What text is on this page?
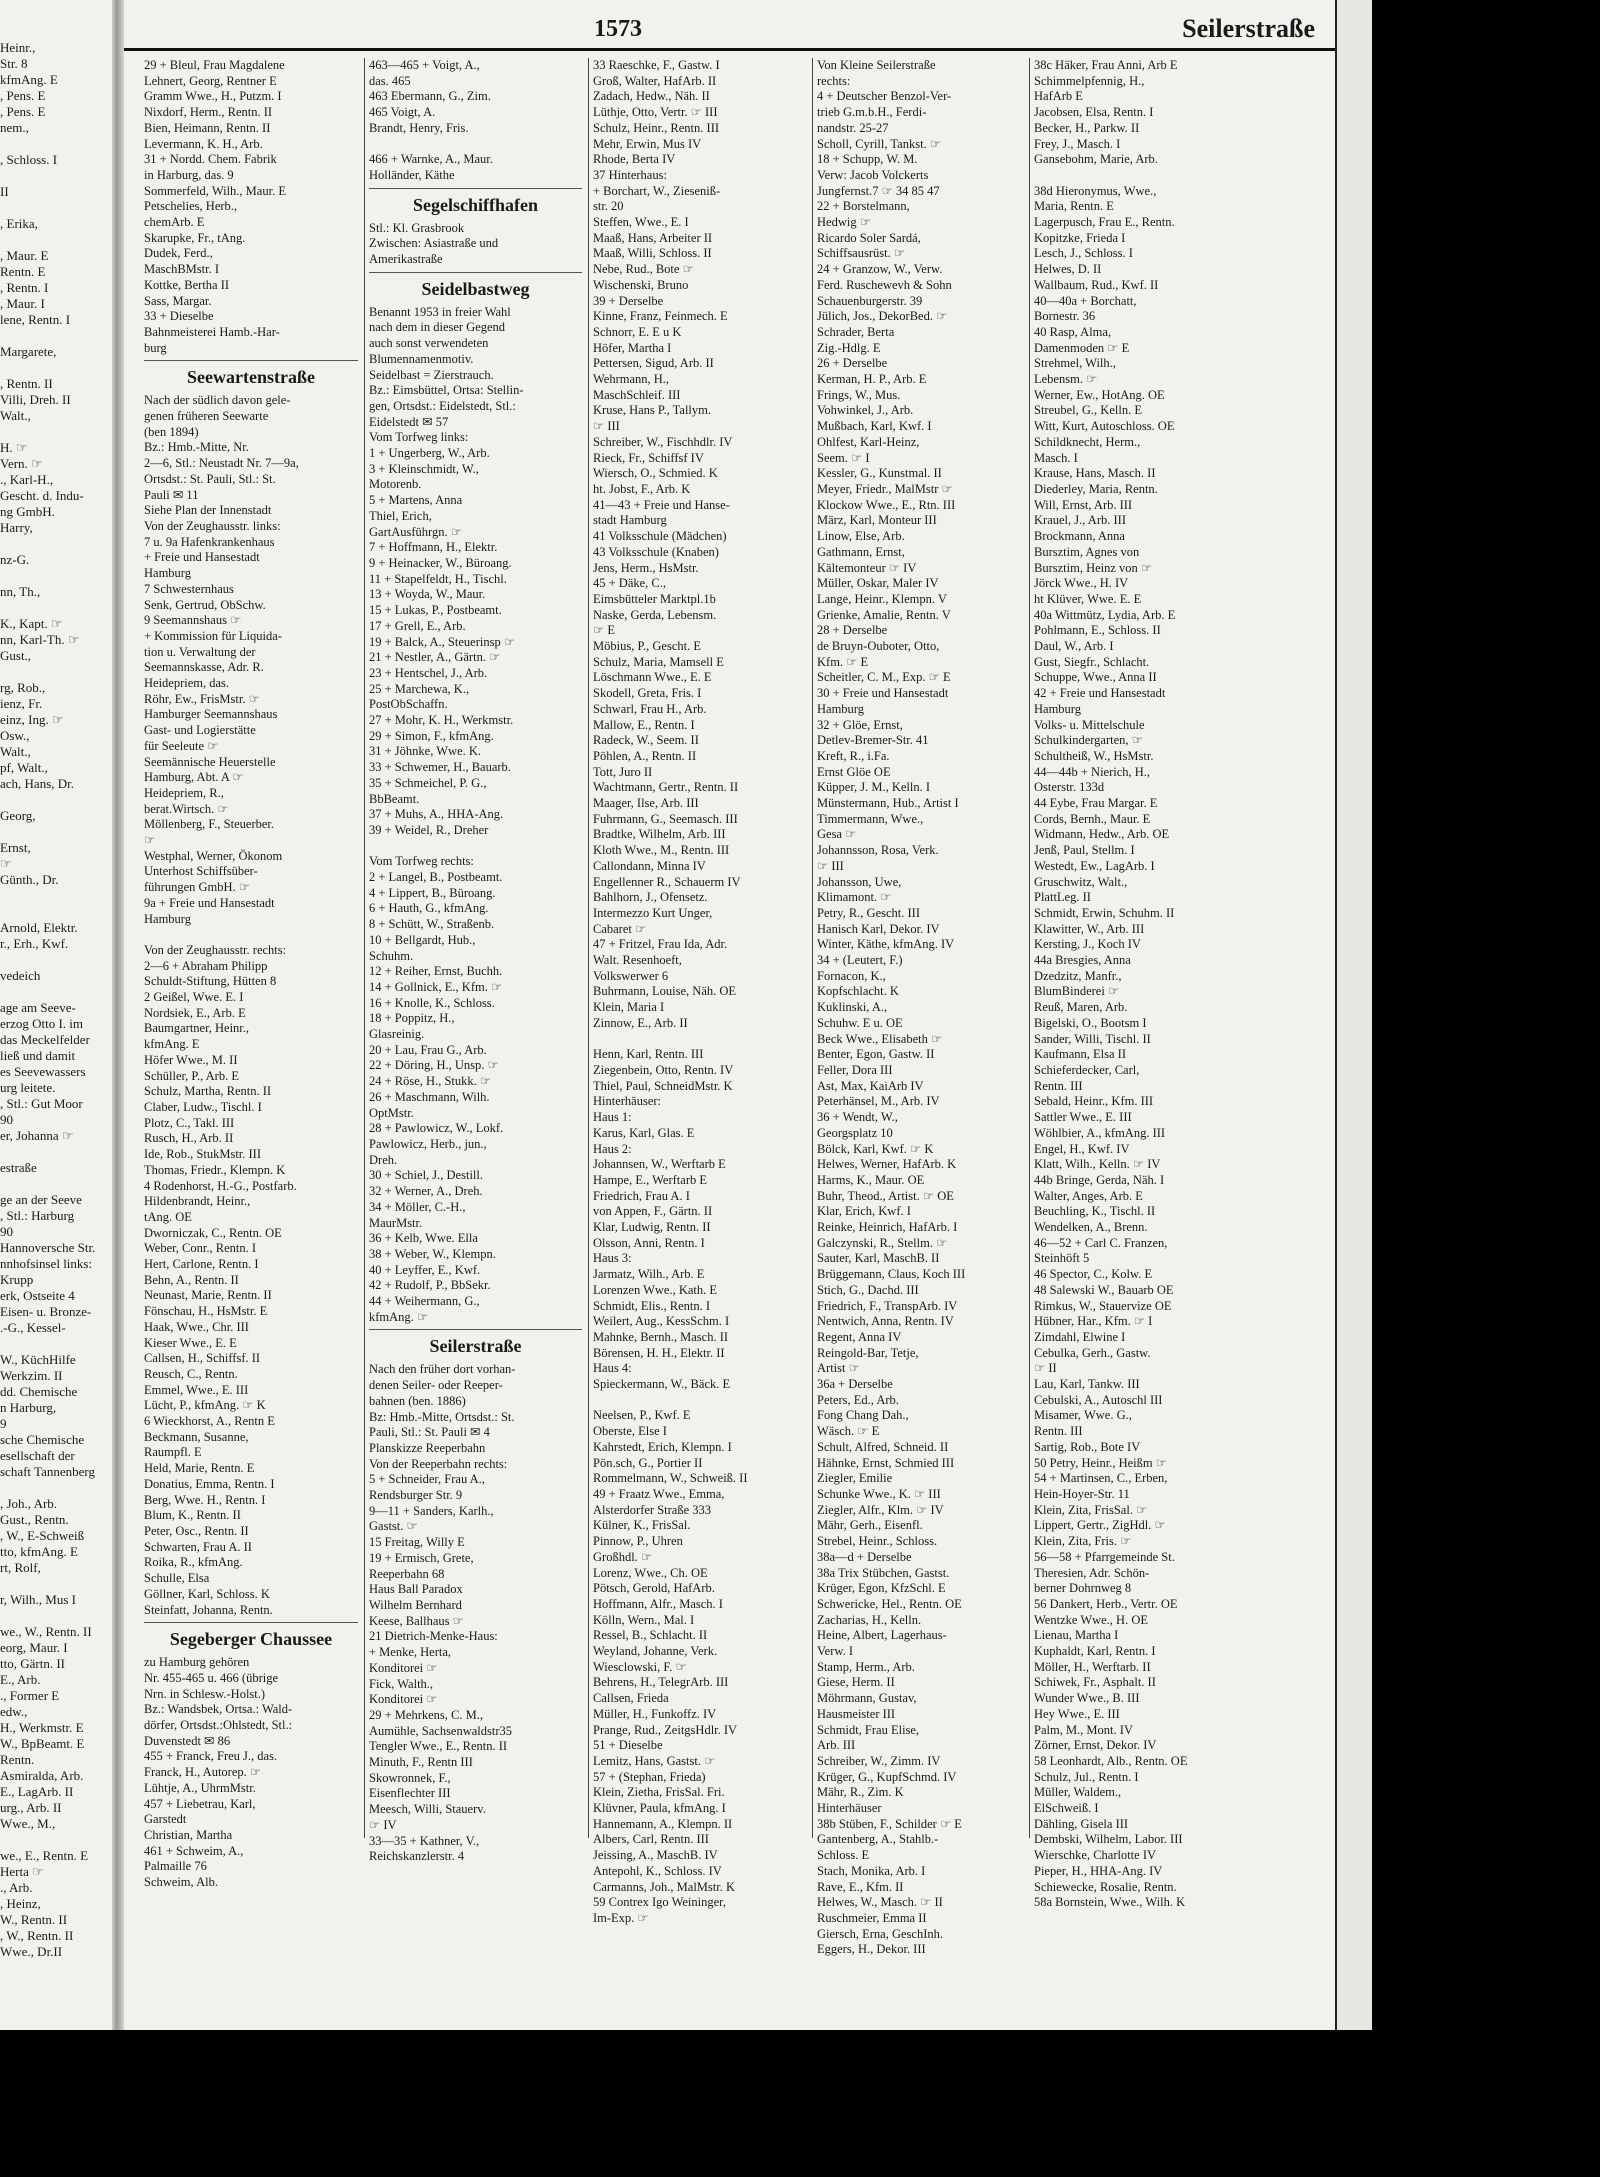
Heinr.,
Str. 8
kfmAng. E
, Pens. E
, Pens. E
nem.,

, Schloss. I

II

, Erika,

, Maur. E
Rentn. E
, Rentn. I
, Maur. I
lene, Rentn. I

Margarete,

, Rentn. II
Villi, Dreh. II
Walt.,

H. ☞
Vern. ☞
., Karl-H.,
Gescht. d. Indu-
ng GmbH.
Harry,

nz-G.

nn, Th.,

K., Kapt. ☞
nn, Karl-Th. ☞
Gust.,

rg, Rob.,
ienz, Fr.
einz, Ing. ☞
Osw.,
Walt.,
pf, Walt.,
ach, Hans, Dr.

Georg,

Ernst,
☞
Günth., Dr.

Arnold, Elektr.
r., Erh., Kwf.

vedeich

age am Seeve-
erzog Otto I. im
das Meckelfelder
ließ und damit
es Seevewassers
urg leitete.
, Stl.: Gut Moor
90
er, Johanna ☞

estraße

ge an der Seeve
, Stl.: Harburg
90
Hannoversche Str.
nnhofsinsel links:
Krupp
erk, Ostseite 4
Eisen- u. Bronze-
.-G., Kessel-

W., KüchHilfe
Werkzim. II
dd. Chemische
n Harburg,
9
sche Chemische
esellschaft der
schaft Tannenberg

, Joh., Arb.
Gust., Rentn.
, W., E-Schweiß
tto, kfmAng. E
rt, Rolf,

r, Wilh., Mus I

we., W., Rentn. II
eorg, Maur. I
tto, Gärtn. II
E., Arb.
., Former E
edw.,
H., Werkmstr. E
W., BpBeamt. E
Rentn.
Asmiralda, Arb.
E., LagArb. II
urg., Arb. II
Wwe., M.,

we., E., Rentn. E
Herta ☞
., Arb.
, Heinz,
W., Rentn. II
, W., Rentn. II
Wwe., Dr.II
1573	Seilerstraße
29 + Bleul, Frau Magdalene
Lehnert, Georg, Rentner E
Gramm Wwe., H., Putzm. I
Nixdorf, Herm., Rentn. II
Bien, Heimann, Rentn. II
Levermann, K. H., Arb.
31 + Nordd. Chem. Fabrik
in Harburg, das. 9
Sommerfeld, Wilh., Maur. E
Petschelies, Herb.,
chemArb. E
Skarupke, Fr., tAng.
Dudek, Ferd.,
MaschBMstr. I
Kottke, Bertha II
Sass, Margar.
33 + Dieselbe
Bahnmeisterei Hamb.-Har-
burg
Seewartenstraße
Nach der südlich davon gele-
genen früheren Seewarte
(ben 1894)
Bz.: Hmb.-Mitte, Nr.
2—6, Stl.: Neustadt Nr. 7—9a,
Ortsdst.: St. Pauli, Stl.: St.
Pauli ✉ 11
Siehe Plan der Innenstadt
Von der Zeughausstr. links:
7 u. 9a Hafenkrankenhaus
+ Freie und Hansestadt
Hamburg
7 Schwesternhaus
Senk, Gertrud, ObSchw.
9 Seemannshaus ☞
+ Kommission für Liquida-
tion u. Verwaltung der
Seemannskasse, Adr. R.
Heidepriem, das.
Röhr, Ew., FrisMstr. ☞
Hamburger Seemannshaus
Gast- und Logierstätte
für Seeleute ☞
Seemännische Heuerstelle
Hamburg, Abt. A ☞
Heidepriem, R.,
berat.Wirtsch. ☞
Möllenberg, F., Steuerber.
☞
Westphal, Werner, Ökonom
Unterhost Schiffsüber-
führungen GmbH. ☞
9a + Freie und Hansestadt
Hamburg

Von der Zeughausstr. rechts:
2—6 + Abraham Philipp
Schuldt-Stiftung, Hütten 8
2 Geißel, Wwe. E. I
Nordsiek, E., Arb. E
Baumgartner, Heinr.,
kfmAng. E
Höfer Wwe., M. II
Schüller, P., Arb. E
Schulz, Martha, Rentn. II
Claber, Ludw., Tischl. I
Plotz, C., Takl. III
Rusch, H., Arb. II
Ide, Rob., StukMstr. III
Thomas, Friedr., Klempn. K
4 Rodenhorst, H.-G., Postfarb.
Hildenbrandt, Heinr.,
tAng. OE
Dworniczak, C., Rentn. OE
Weber, Conr., Rentn. I
Hert, Carlone, Rentn. I
Behn, A., Rentn. II
Neunast, Marie, Rentn. II
Fönschau, H., HsMstr. E
Haak, Wwe., Chr. III
Kieser Wwe., E. E
Callsen, H., Schiffsf. II
Reusch, C., Rentn.
Emmel, Wwe., E. III
Lücht, P., kfmAng. ☞ K
6 Wieckhorst, A., Rentn E
Beckmann, Susanne,
Raumpfl. E
Held, Marie, Rentn. E
Donatius, Emma, Rentn. I
Berg, Wwe. H., Rentn. I
Blum, K., Rentn. II
Peter, Osc., Rentn. II
Schwarten, Frau A. II
Roika, R., kfmAng.
Schulle, Elsa
Göllner, Karl, Schloss. K
Steinfatt, Johanna, Rentn.
Segeberger Chaussee
zu Hamburg gehören
Nr. 455-465 u. 466 (übrige
Nrn. in Schlesw.-Holst.)
Bz.: Wandsbek, Ortsa.: Wald-
dörfer, Ortsdst.:Ohlstedt, Stl.:
Duvenstedt ✉ 86
455 + Franck, Freu J., das.
Franck, H., Autorep. ☞
Lühtje, A., UhrmMstr.
457 + Liebetrau, Karl,
Garstedt
Christian, Martha
461 + Schweim, A.,
Palmaille 76
Schweim, Alb.
463—465 + Voigt, A.,
das. 465
463 Ebermann, G., Zim.
465 Voigt, A.
Brandt, Henry, Fris.

466 + Warnke, A., Maur.
Holländer, Käthe
Segelschiffhafen
Stl.: Kl. Grasbrook
Zwischen: Asiastraße und
Amerikastraße
Seidelbastweg
Benannt 1953 in freier Wahl
nach dem in dieser Gegend
auch sonst verwendeten
Blumennamenmotiv.
Seidelbast = Zierstrauch.
Bz.: Eimsbüttel, Ortsa: Stellin-
gen, Ortsdst.: Eidelstedt, Stl.:
Eidelstedt ✉ 57
Vom Torfweg links:
1 + Ungerberg, W., Arb.
3 + Kleinschmidt, W.,
Motorenb.
5 + Martens, Anna
Thiel, Erich,
GartAusführgn. ☞
7 + Hoffmann, H., Elektr.
9 + Heinacker, W., Büroang.
11 + Stapelfeldt, H., Tischl.
13 + Woyda, W., Maur.
15 + Lukas, P., Postbeamt.
17 + Grell, E., Arb.
19 + Balck, A., Steuerinsp ☞
21 + Nestler, A., Gärtn. ☞
23 + Hentschel, J., Arb.
25 + Marchewa, K.,
PostObSchaffn.
27 + Mohr, K. H., Werkmstr.
29 + Simon, F., kfmAng.
31 + Jöhnke, Wwe. K.
33 + Schwemer, H., Bauarb.
35 + Schmeichel, P. G.,
BbBeamt.
37 + Muhs, A., HHA-Ang.
39 + Weidel, R., Dreher

Vom Torfweg rechts:
2 + Langel, B., Postbeamt.
4 + Lippert, B., Büroang.
6 + Hauth, G., kfmAng.
8 + Schütt, W., Straßenb.
10 + Bellgardt, Hub.,
Schuhm.
12 + Reiher, Ernst, Buchh.
14 + Gollnick, E., Kfm. ☞
16 + Knolle, K., Schloss.
18 + Poppitz, H.,
Glasreinig.
20 + Lau, Frau G., Arb.
22 + Döring, H., Unsp. ☞
24 + Röse, H., Stukk. ☞
26 + Maschmann, Wilh.
OptMstr.
28 + Pawlowicz, W., Lokf.
Pawlowicz, Herb., jun.,
Dreh.
30 + Schiel, J., Destill.
32 + Werner, A., Dreh.
34 + Möller, C.-H.,
MaurMstr.
36 + Kelb, Wwe. Ella
38 + Weber, W., Klempn.
40 + Leyffer, E., Kwf.
42 + Rudolf, P., BbSekr.
44 + Weihermann, G.,
kfmAng. ☞
Seilerstraße
Nach den früher dort vorhan-
denen Seiler- oder Reeper-
bahnen (ben. 1886)
Bz: Hmb.-Mitte, Ortsdst.: St.
Pauli, Stl.: St. Pauli ✉ 4
Planskizze Reeperbahn
Von der Reeperbahn rechts:
5 + Schneider, Frau A.,
Rendsburger Str. 9
9—11 + Sanders, Karlh.,
Gastst. ☞
15 Freitag, Willy E
19 + Ermisch, Grete,
Reeperbahn 68
Haus Ball Paradox
Wilhelm Bernhard
Keese, Ballhaus ☞
21 Dietrich-Menke-Haus:
+ Menke, Herta,
Konditorei ☞
Fick, Walth.,
Konditorei ☞
29 + Mehrkens, C. M.,
Aumühle, Sachsenwaldstr35
Tengler Wwe., E., Rentn. II
Minuth, F., Rentn III
Skowronnek, F.,
Eisenflechter III
Meesch, Willi, Stauerv.
☞ IV
33—35 + Kathner, V.,
Reichskanzlerstr. 4
33 Raeschke, F., Gastw. I
Groß, Walter, HafArb. II
Zadach, Hedw., Näh. II
Lüthje, Otto, Vertr. ☞ III
Schulz, Heinr., Rentn. III
Mehr, Erwin, Mus IV
Rhode, Berta IV
37 Hinterhaus:
+ Borchart, W., Zieseniß-
str. 20
Steffen, Wwe., E. I
Maaß, Hans, Arbeiter II
Maaß, Willi, Schloss. II
Nebe, Rud., Bote ☞
Wischenski, Bruno
39 + Derselbe
Kinne, Franz, Feinmech. E
Schnorr, E. E u K
Höfer, Martha I
Pettersen, Sigud, Arb. II
Wehrmann, H.,
MaschSchleif. III
Kruse, Hans P., Tallym.
☞ III
Schreiber, W., Fischhdlr. IV
Rieck, Fr., Schiffsf IV
Wiersch, O., Schmied. K
ht. Jobst, F., Arb. K
41—43 + Freie und Hanse-
stadt Hamburg
41 Volksschule (Mädchen)
43 Volksschule (Knaben)
Jens, Herm., HsMstr.
45 + Däke, C.,
Eimsbütteler Marktpl.1b
Naske, Gerda, Lebensm.
☞ E
Möbius, P., Gescht. E
Schulz, Maria, Mamsell E
Löschmann Wwe., E. E
Skodell, Greta, Fris. I
Schwarl, Frau H., Arb.
Mallow, E., Rentn. I
Radeck, W., Seem. II
Pöhlen, A., Rentn. II
Tott, Juro II
Wachtmann, Gertr., Rentn. II
Maager, Ilse, Arb. III
Fuhrmann, G., Seemasch. III
Bradtke, Wilhelm, Arb. III
Kloth Wwe., M., Rentn. III
Callondann, Minna IV
Engellenner R., Schauerm IV
Bahlhorn, J., Ofensetz.
Intermezzo Kurt Unger,
Cabaret ☞
47 + Fritzel, Frau Ida, Adr.
Walt. Resenhoeft,
Volkswerwer 6
Buhrmann, Louise, Näh. OE
Klein, Maria I
Zinnow, E., Arb. II

Henn, Karl, Rentn. III
Ziegenbein, Otto, Rentn. IV
Thiel, Paul, SchneidMstr. K
Hinterhäuser:
Haus 1:
Karus, Karl, Glas. E
Haus 2:
Johannsen, W., Werftarb E
Hampe, E., Werftarb E
Friedrich, Frau A. I
von Appen, F., Gärtn. II
Klar, Ludwig, Rentn. II
Olsson, Anni, Rentn. I
Haus 3:
Jarmatz, Wilh., Arb. E
Lorenzen Wwe., Kath. E
Schmidt, Elis., Rentn. I
Weilert, Aug., KessSchm. I
Mahnke, Bernh., Masch. II
Börensen, H. H., Elektr. II
Haus 4:
Spieckermann, W., Bäck. E

Neelsen, P., Kwf. E
Oberste, Else I
Kahrstedt, Erich, Klempn. I
Pön.sch, G., Portier II
Rommelmann, W., Schweiß. II
49 + Fraatz Wwe., Emma,
Alsterdorfer Straße 333
Külner, K., FrisSal.
Pinnow, P., Uhren
Großhdl. ☞
Lorenz, Wwe., Ch. OE
Pötsch, Gerold, HafArb.
Hoffmann, Alfr., Masch. I
Kölln, Wern., Mal. I
Ressel, B., Schlacht. II
Weyland, Johanne, Verk.
Wiesclowski, F. ☞
Behrens, H., TelegrArb. III
Callsen, Frieda
Müller, H., Funkoffz. IV
Prange, Rud., ZeitgsHdlr. IV
51 + Dieselbe
Lemitz, Hans, Gastst. ☞
57 + (Stephan, Frieda)
Klein, Zietha, FrisSal. Fri.
Klüvner, Paula, kfmAng. I
Hannemann, A., Klempn. II
Albers, Carl, Rentn. III
Jeissing, A., MaschB. IV
Antepohl, K., Schloss. IV
Carmanns, Joh., MalMstr. K
59 Contrex Igo Weininger,
Im-Exp. ☞
Von Kleine Seilerstraße
rechts:
4 + Deutscher Benzol-Ver-
trieb G.m.b.H., Ferdi-
nandstr. 25-27
Scholl, Cyrill, Tankst. ☞
18 + Schupp, W. M.
Verw: Jacob Volckerts
Jungfernst.7 ☞ 34 85 47
22 + Borstelmann,
Hedwig ☞
Ricardo Soler Sardá,
Schiffsausrüst. ☞
24 + Granzow, W., Verw.
Ferd. Ruschewevh & Sohn
Schauenburgerstr. 39
Jülich, Jos., DekorBed. ☞
Schrader, Berta
Zig.-Hdlg. E
26 + Derselbe
Kerman, H. P., Arb. E
Frings, W., Mus.
Vohwinkel, J., Arb.
Mußbach, Karl, Kwf. I
Ohlfest, Karl-Heinz,
Seem. ☞ I
Kessler, G., Kunstmal. II
Meyer, Friedr., MalMstr ☞
Klockow Wwe., E., Rtn. III
März, Karl, Monteur III
Linow, Else, Arb.
Gathmann, Ernst,
Kältemonteur ☞ IV
Müller, Oskar, Maler IV
Lange, Heinr., Klempn. V
Grienke, Amalie, Rentn. V
28 + Derselbe
de Bruyn-Ouboter, Otto,
Kfm. ☞ E
Scheitler, C. M., Exp. ☞ E
30 + Freie und Hansestadt
Hamburg
32 + Glöe, Ernst,
Detlev-Bremer-Str. 41
Kreft, R., i.Fa.
Ernst Glöe OE
Küpper, J. M., Kelln. I
Münstermann, Hub., Artist I
Timmermann, Wwe.,
Gesa ☞
Johannsson, Rosa, Verk.
☞ III
Johansson, Uwe,
Klimamont. ☞
Petry, R., Gescht. III
Hanisch Karl, Dekor. IV
Winter, Käthe, kfmAng. IV
34 + (Leutert, F.)
Fornacon, K.,
Kopfschlacht. K
Kuklinski, A.,
Schuhw. E u. OE
Beck Wwe., Elisabeth ☞
Benter, Egon, Gastw. II
Feller, Dora III
Ast, Max, KaiArb IV
Peterhänsel, M., Arb. IV
36 + Wendt, W.,
Georgsplatz 10
Bölck, Karl, Kwf. ☞ K
Helwes, Werner, HafArb. K
Harms, K., Maur. OE
Buhr, Theod., Artist. ☞ OE
Klar, Erich, Kwf. I
Reinke, Heinrich, HafArb. I
Galczynski, R., Stellm. ☞
Sauter, Karl, MaschB. II
Brüggemann, Claus, Koch III
Stich, G., Dachd. III
Friedrich, F., TranspArb. IV
Nentwich, Anna, Rentn. IV
Regent, Anna IV
Reingold-Bar, Tetje,
Artist ☞
36a + Derselbe
Peters, Ed., Arb.
Fong Chang Dah.,
Wäsch. ☞ E
Schult, Alfred, Schneid. II
Hähnke, Ernst, Schmied III
Ziegler, Emilie
Schunke Wwe., K. ☞ III
Ziegler, Alfr., Klm. ☞ IV
Mähr, Gerh., Eisenfl.
Strebel, Heinr., Schloss.
38a—d + Derselbe
38a Trix Stübchen, Gastst.
Krüger, Egon, KfzSchl. E
Schwericke, Hel., Rentn. OE
Zacharias, H., Kelln.
Heine, Albert, Lagerhaus-
Verw. I
Stamp, Herm., Arb.
Giese, Herm. II
Möhrmann, Gustav,
Hausmeister III
Schmidt, Frau Elise,
Arb. III
Schreiber, W., Zimm. IV
Krüger, G., KupfSchmd. IV
Mähr, R., Zim. K
Hinterhäuser
38b Stüben, F., Schilder ☞ E
Gantenberg, A., Stahlb.-
Schloss. E
Stach, Monika, Arb. I
Rave, E., Kfm. II
Helwes, W., Masch. ☞ II
Ruschmeier, Emma II
Giersch, Erna, GeschInh.
Eggers, H., Dekor. III
38c Häker, Frau Anni, Arb E
Schimmelpfennig, H.,
HafArb E
Jacobsen, Elsa, Rentn. I
Becker, H., Parkw. II
Frey, J., Masch. I
Gansebohm, Marie, Arb.

38d Hieronymus, Wwe.,
Maria, Rentn. E
Lagerpusch, Frau E., Rentn.
Kopitzke, Frieda I
Lesch, J., Schloss. I
Helwes, D. II
Wallbaum, Rud., Kwf. II
40—40a + Borchatt,
Bornestr. 36
40 Rasp, Alma,
Damenmoden ☞ E
Strehmel, Wilh.,
Lebensm. ☞
Werner, Ew., HotAng. OE
Streubel, G., Kelln. E
Witt, Kurt, Autoschloss. OE
Schildknecht, Herm.,
Masch. I
Krause, Hans, Masch. II
Diederley, Maria, Rentn.
Will, Ernst, Arb. III
Krauel, J., Arb. III
Brockmann, Anna
Bursztim, Agnes von
Bursztim, Heinz von ☞
Jörck Wwe., H. IV
ht Klüver, Wwe. E. E
40a Wittmütz, Lydia, Arb. E
Pohlmann, E., Schloss. II
Daul, W., Arb. I
Gust, Siegfr., Schlacht.
Schuppe, Wwe., Anna II
42 + Freie und Hansestadt
Hamburg
Volks- u. Mittelschule
Schulkindergarten, ☞
Schultheiß, W., HsMstr.
44—44b + Nierich, H.,
Osterstr. 133d
44 Eybe, Frau Margar. E
Cords, Bernh., Maur. E
Widmann, Hedw., Arb. OE
Jenß, Paul, Stellm. I
Westedt, Ew., LagArb. I
Gruschwitz, Walt.,
PlattLeg. II
Schmidt, Erwin, Schuhm. II
Klawitter, W., Arb. III
Kersting, J., Koch IV
44a Bresgies, Anna
Dzedzitz, Manfr.,
BlumBinderei ☞
Reuß, Maren, Arb.
Bigelski, O., Bootsm I
Sander, Willi, Tischl. II
Kaufmann, Elsa II
Schieferdecker, Carl,
Rentn. III
Sebald, Heinr., Kfm. III
Sattler Wwe., E. III
Wöhlbier, A., kfmAng. III
Engel, H., Kwf. IV
Klatt, Wilh., Kelln. ☞ IV
44b Bringe, Gerda, Näh. I
Walter, Anges, Arb. E
Beuchling, K., Tischl. II
Wendelken, A., Brenn.
46—52 + Carl C. Franzen,
Steinhöft 5
46 Spector, C., Kolw. E
48 Salewski W., Bauarb OE
Rimkus, W., Stauervize OE
Hübner, Har., Kfm. ☞ I
Zimdahl, Elwine I
Cebulka, Gerh., Gastw.
☞ II
Lau, Karl, Tankw. III
Cebulski, A., Autoschl III
Misamer, Wwe. G.,
Rentn. III
Sartig, Rob., Bote IV
50 Petry, Heinr., Heißm ☞
54 + Martinsen, C., Erben,
Hein-Hoyer-Str. 11
Klein, Zita, FrisSal. ☞
Lippert, Gertr., ZigHdl. ☞
Klein, Zita, Fris. ☞
56—58 + Pfarrgemeinde St.
Theresien, Adr. Schön-
berner Dohrnweg 8
56 Dankert, Herb., Vertr. OE
Wentzke Wwe., H. OE
Lienau, Martha I
Kuphaldt, Karl, Rentn. I
Möller, H., Werftarb. II
Schiwek, Fr., Asphalt. II
Wunder Wwe., B. III
Hey Wwe., E. III
Palm, M., Mont. IV
Zörner, Ernst, Dekor. IV
58 Leonhardt, Alb., Rentn. OE
Schulz, Jul., Rentn. I
Müller, Waldem.,
ElSchweiß. I
Dähling, Gisela III
Dembski, Wilhelm, Labor. III
Wierschke, Charlotte IV
Pieper, H., HHA-Ang. IV
Schiewecke, Rosalie, Rentn.
58a Bornstein, Wwe., Wilh. K
